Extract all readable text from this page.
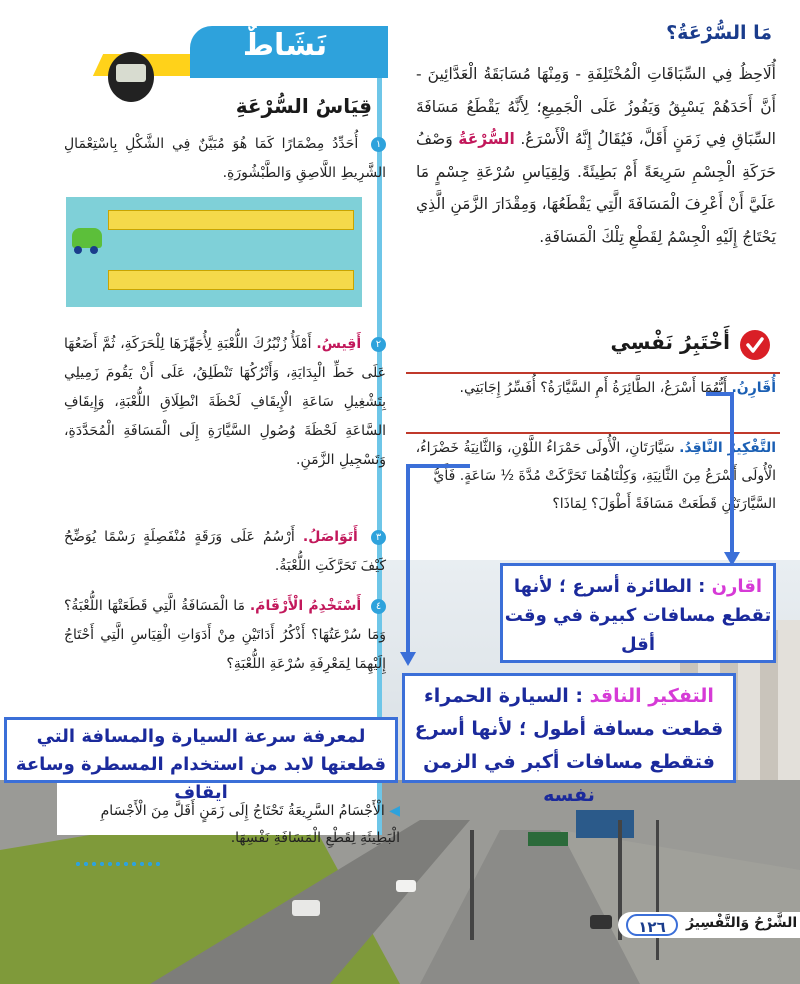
مَا السُّرْعَةُ؟
أُلَاحِظُ فِي السِّبَاقَاتِ الْمُخْتَلِفَةِ - وَمِنْهَا مُسَابَقَةُ الْعَدَّائِينَ - أَنَّ أَحَدَهُمْ يَسْبِقُ وَيَفُوزُ عَلَى الْجَمِيعِ؛ لِأَنَّهُ يَقْطَعُ مَسَافَةَ السِّبَاقِ فِي زَمَنٍ أَقَلَّ، فَيُقَالُ إِنَّهُ الْأَسْرَعُ. السُّرْعَةُ وَصْفُ حَرَكَةِ الْجِسْمِ سَرِيعَةً أَمْ بَطِيئَةً. وَلِقِيَاسِ سُرْعَةِ جِسْمٍ مَا عَلَيَّ أَنْ أَعْرِفَ الْمَسَافَةَ الَّتِي يَقْطَعُهَا، وَمِقْدَارَ الزَّمَنِ الَّذِي يَحْتَاجُ إِلَيْهِ الْجِسْمُ لِقَطْعِ تِلْكَ الْمَسَافَةِ.
أَخْتَبِرُ نَفْسِي
أُقَارِنُ. أَيُّهُمَا أَسْرَعُ، الطَّائِرَةُ أَمِ السَّيَّارَةُ؟ أُفَسِّرُ إِجَابَتِي.
التَّفْكِيرُ النَّاقِدُ. سَيَّارَتَانِ، الْأُولَى حَمْرَاءُ اللَّوْنِ، وَالثَّانِيَةُ خَضْرَاءُ، الْأُولَى أَسْرَعُ مِنَ الثَّانِيَةِ، وَكِلْتَاهُمَا تَحَرَّكَتْ مُدَّةَ ½ سَاعَةٍ. فَأَيُّ السَّيَّارَتَيْنِ قَطَعَتْ مَسَافَةً أَطْوَلَ؟ لِمَاذَا؟
اقارن : الطائرة أسرع ؛ لأنها تقطع مسافات كبيرة في وقت أقل
التفكير الناقد : السيارة الحمراء قطعت مسافة أطول ؛ لأنها أسرع فتقطع مسافات أكبر في الزمن نفسه
نَشَاطٌ
قِيَاسُ السُّرْعَةِ
١ أُحَدِّدُ مِضْمَارًا كَمَا هُوَ مُبَيَّنٌ فِي الشَّكْلِ بِاسْتِعْمَالِ الشَّرِيطِ اللَّاصِقِ وَالطَّبْشُورَةِ.
٢ أَقِيسُ. أَمْلَأُ زُنْبُرُكَ اللُّعْبَةِ لِأُجَهِّزَهَا لِلْحَرَكَةِ، ثُمَّ أَضَعُهَا عَلَى خَطِّ الْبِدَايَةِ، وَأَتْرُكُهَا تَنْطَلِقُ، عَلَى أَنْ يَقُومَ زَمِيلِي بِتَشْغِيلِ سَاعَةِ الْإِيقَافِ لَحْظَةَ انْطِلَاقِ اللُّعْبَةِ، وَإِيقَافِ السَّاعَةِ لَحْظَةَ وُصُولِ السَّيَّارَةِ إِلَى الْمَسَافَةِ الْمُحَدَّدَةِ، وَتَسْجِيلِ الزَّمَنِ.
٣ أَتَوَاصَلُ. أَرْسُمُ عَلَى وَرَقَةٍ مُنْفَصِلَةٍ رَسْمًا يُوَضِّحُ كَيْفَ تَحَرَّكَتِ اللُّعْبَةُ.
٤ أَسْتَخْدِمُ الْأَرْقَامَ. مَا الْمَسَافَةُ الَّتِي قَطَعَتْهَا اللُّعْبَةُ؟ وَمَا سُرْعَتُهَا؟ أَذْكُرُ أَدَاتَيْنِ مِنْ أَدَوَاتِ الْقِيَاسِ الَّتِي أَحْتَاجُ إِلَيْهِمَا لِمَعْرِفَةِ سُرْعَةِ اللُّعْبَةِ؟
لمعرفة سرعة السيارة والمسافة التي قطعتها لابد من استخدام المسطرة وساعة ايقاف
◀ الْأَجْسَامُ السَّرِيعَةُ تَحْتَاجُ إِلَى زَمَنٍ أَقَلَّ مِنَ الْأَجْسَامِ الْبَطِيئَةِ لِقَطْعِ الْمَسَافَةِ نَفْسِهَا.
١٢٦	الشَّرْحُ وَالتَّفْسِيرُ
